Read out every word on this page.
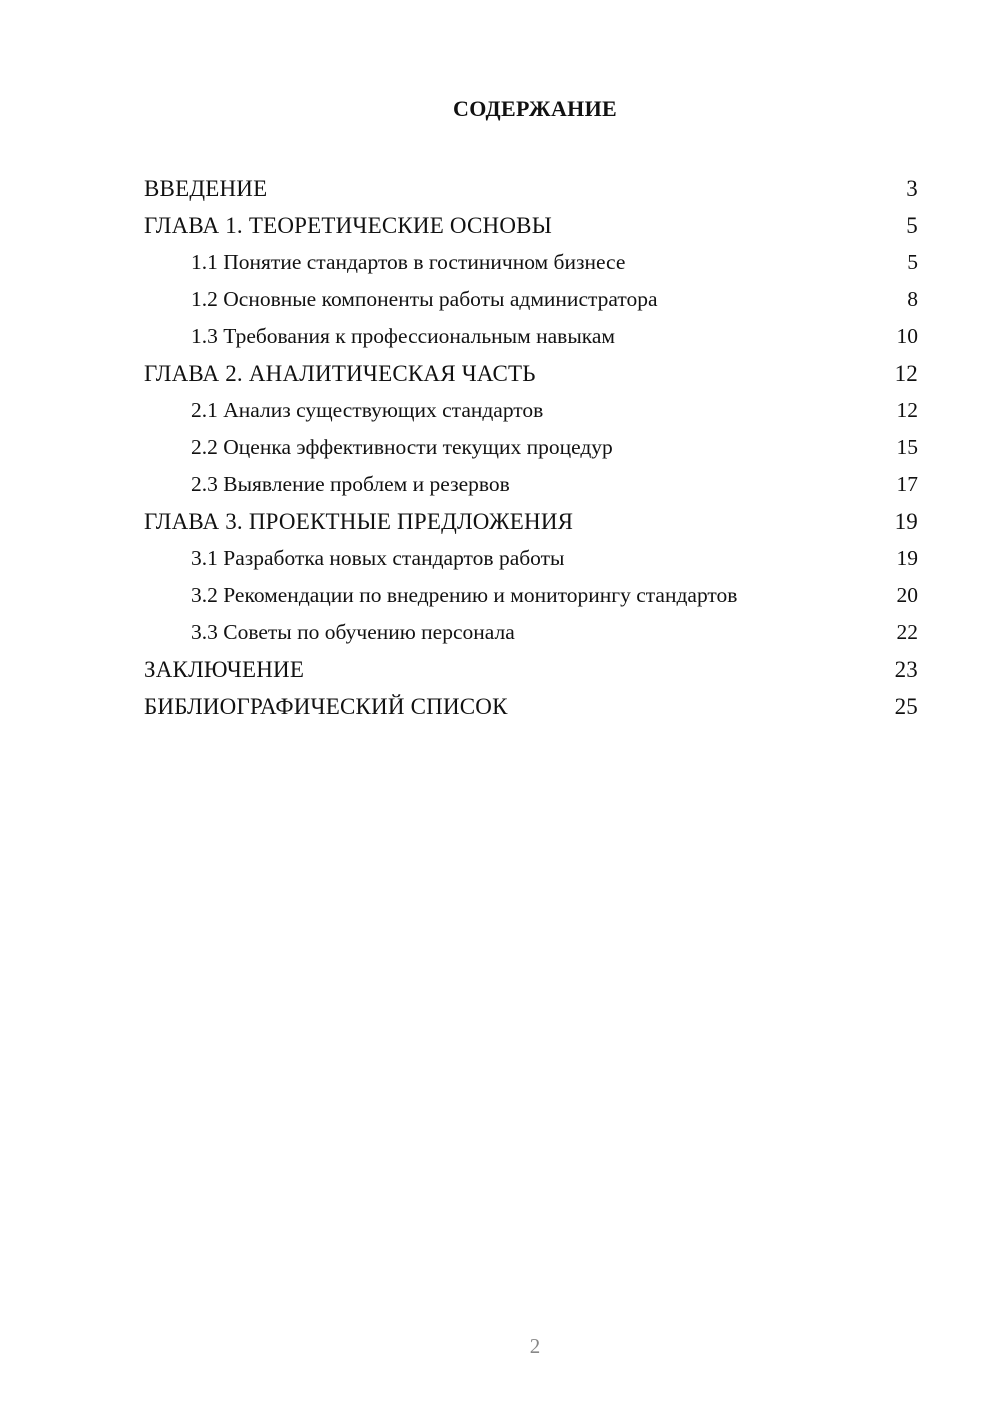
СОДЕРЖАНИЕ
ВВЕДЕНИЕ	3
ГЛАВА 1. ТЕОРЕТИЧЕСКИЕ ОСНОВЫ	5
1.1 Понятие стандартов в гостиничном бизнесе	5
1.2 Основные компоненты работы администратора	8
1.3 Требования к профессиональным навыкам	10
ГЛАВА 2. АНАЛИТИЧЕСКАЯ ЧАСТЬ	12
2.1 Анализ существующих стандартов	12
2.2 Оценка эффективности текущих процедур	15
2.3 Выявление проблем и резервов	17
ГЛАВА 3. ПРОЕКТНЫЕ ПРЕДЛОЖЕНИЯ	19
3.1 Разработка новых стандартов работы	19
3.2 Рекомендации по внедрению и мониторингу стандартов	20
3.3 Советы по обучению персонала	22
ЗАКЛЮЧЕНИЕ	23
БИБЛИОГРАФИЧЕСКИЙ СПИСОК	25
2
